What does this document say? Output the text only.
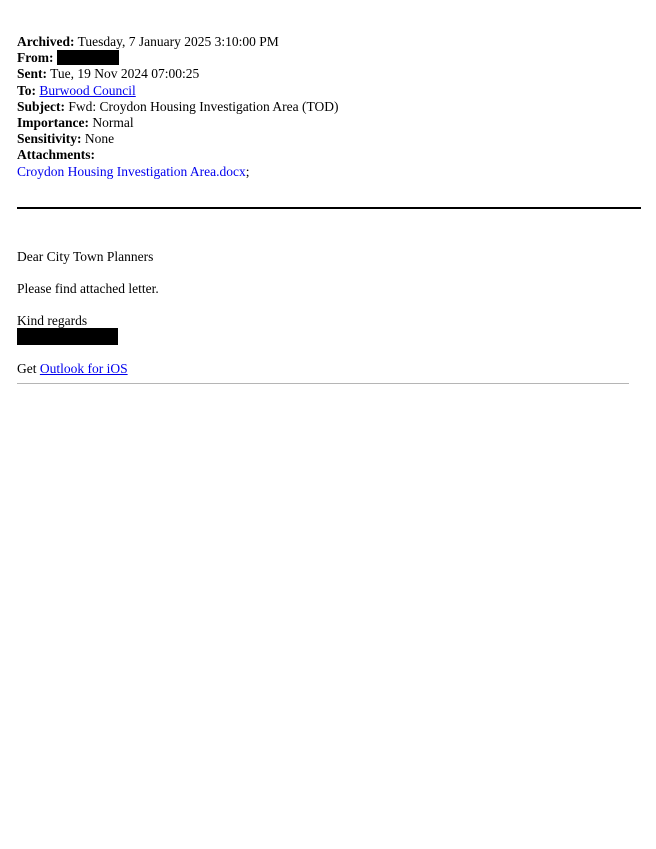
Archived: Tuesday, 7 January 2025 3:10:00 PM
From:
Sent: Tue, 19 Nov 2024 07:00:25
To: Burwood Council
Subject: Fwd: Croydon Housing Investigation Area (TOD)
Importance: Normal
Sensitivity: None
Attachments:
Croydon Housing Investigation Area.docx;
Dear City Town Planners
Please find attached letter.
Kind regards
Get Outlook for iOS
